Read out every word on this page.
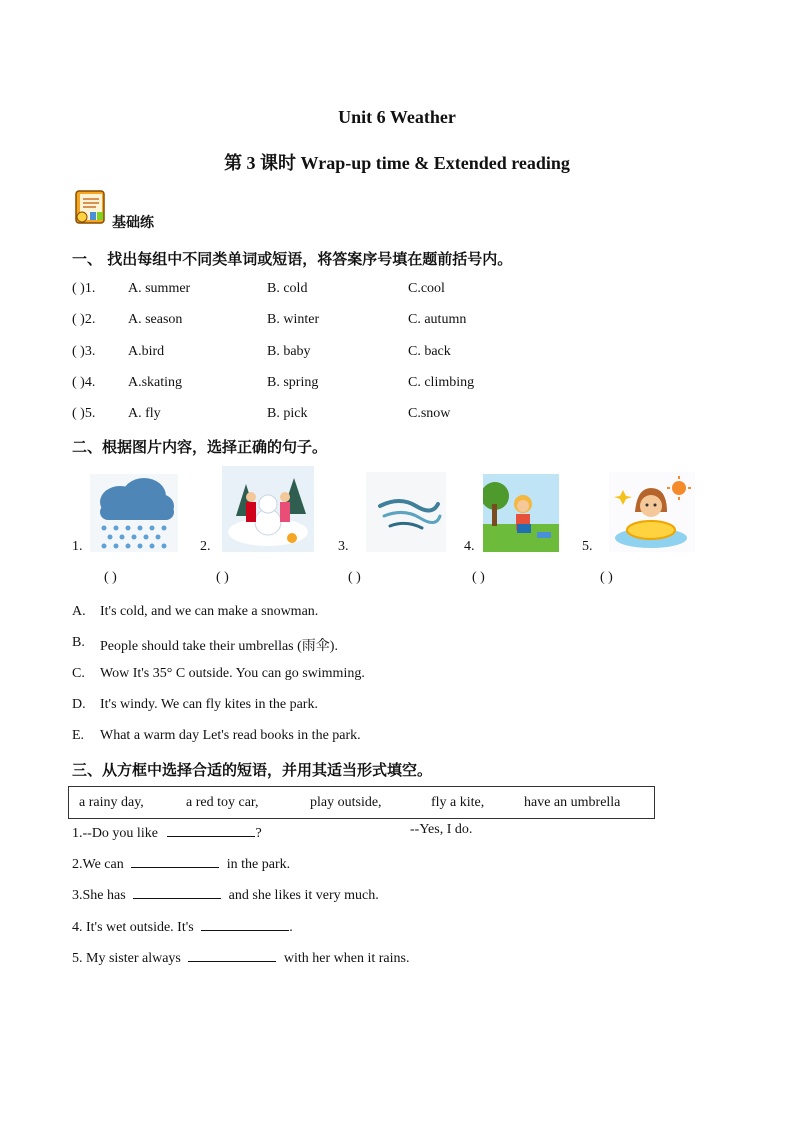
Unit 6 Weather
第 3 课时 Wrap-up time & Extended reading
基础练
一、 找出每组中不同类单词或短语，将答案序号填在题前括号内。
( )1. A. summer	B. cold	C.cool
( )2. A. season	B. winter	C. autumn
( )3. A.bird	B. baby	C. back
( )4. A.skating	B. spring	C. climbing
( )5. A. fly	B. pick	C.snow
二、根据图片内容，选择正确的句子。
1.	2.	3.	4.	5.
( )	( )	( )	( )	( )
A. It's cold, and we can make a snowman.
B. People should take their umbrellas (雨伞).
C. Wow It's 35° C outside. You can go swimming.
D. It's windy. We can fly kites in the park.
E. What a warm day Let's read books in the park.
三、从方框中选择合适的短语，并用其适当形式填空。
a rainy day,	a red toy car,	play outside,	fly a kite,	have an umbrella
1.--Do you like	?	--Yes, I do.
2.We can	in the park.
3.She has	and she likes it very much.
4. It's wet outside. It's	.
5. My sister always	with her when it rains.
